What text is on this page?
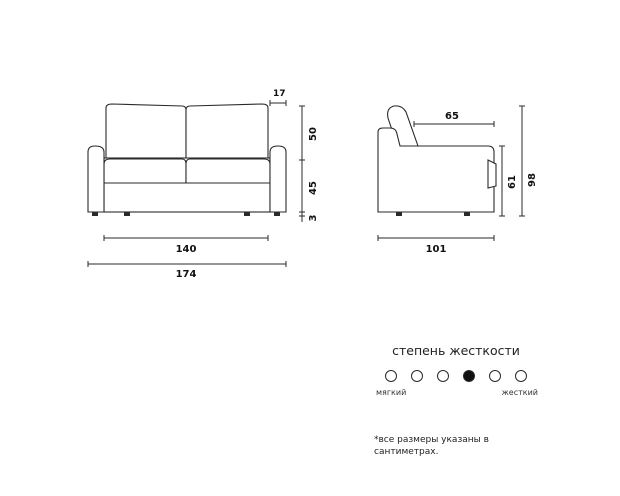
17
50
45
3
140
174
65
61 98
101
степень жесткости
мягкий	жесткий
*все размеры указаны в
сантиметрах.
